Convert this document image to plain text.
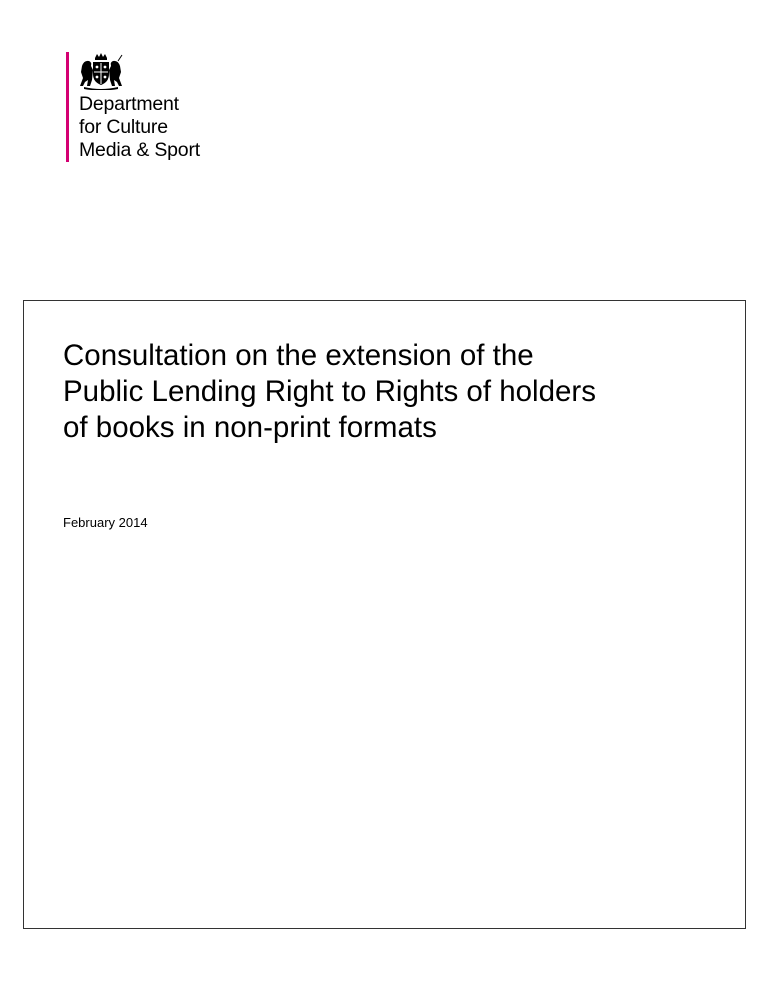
Department
for Culture
Media & Sport
Consultation on the extension of the
Public Lending Right to Rights of holders
of books in non-print formats
February 2014
